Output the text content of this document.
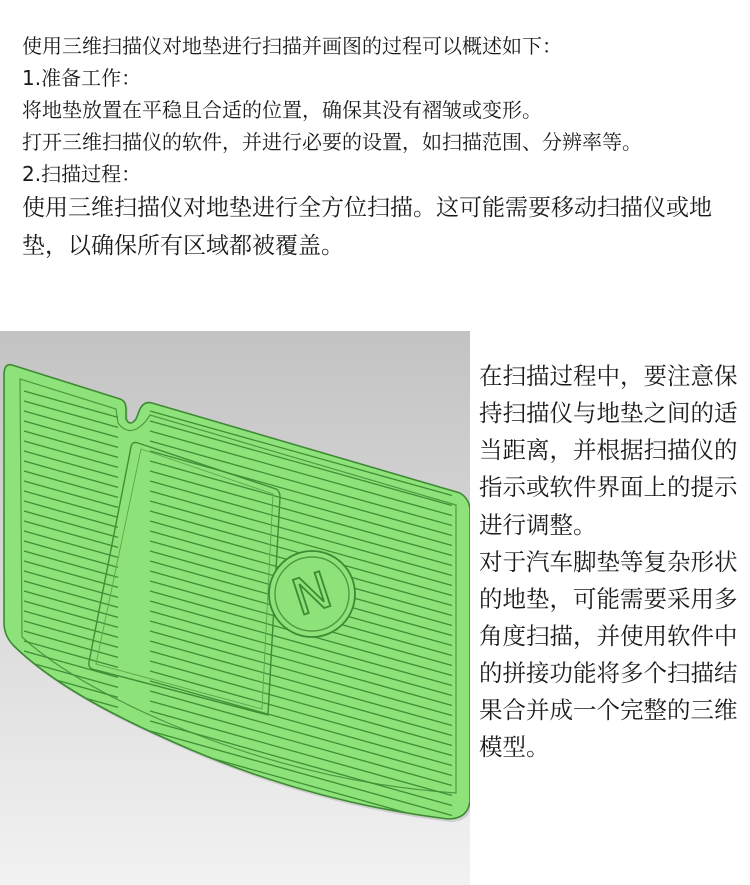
使用三维扫描仪对地垫进行扫描并画图的过程可以概述如下：

1.准备工作：

将地垫放置在平稳且合适的位置，确保其没有褶皱或变形。

打开三维扫描仪的软件，并进行必要的设置，如扫描范围、分辨率等。

2.扫描过程：

使用三维扫描仪对地垫进行全方位扫描。这可能需要移动扫描仪或地垫，以确保所有区域都被覆盖。

N

在扫描过程中，要注意保持扫描仪与地垫之间的适当距离，并根据扫描仪的指示或软件界面上的提示进行调整。

对于汽车脚垫等复杂形状的地垫，可能需要采用多角度扫描，并使用软件中的拼接功能将多个扫描结果合并成一个完整的三维模型。
